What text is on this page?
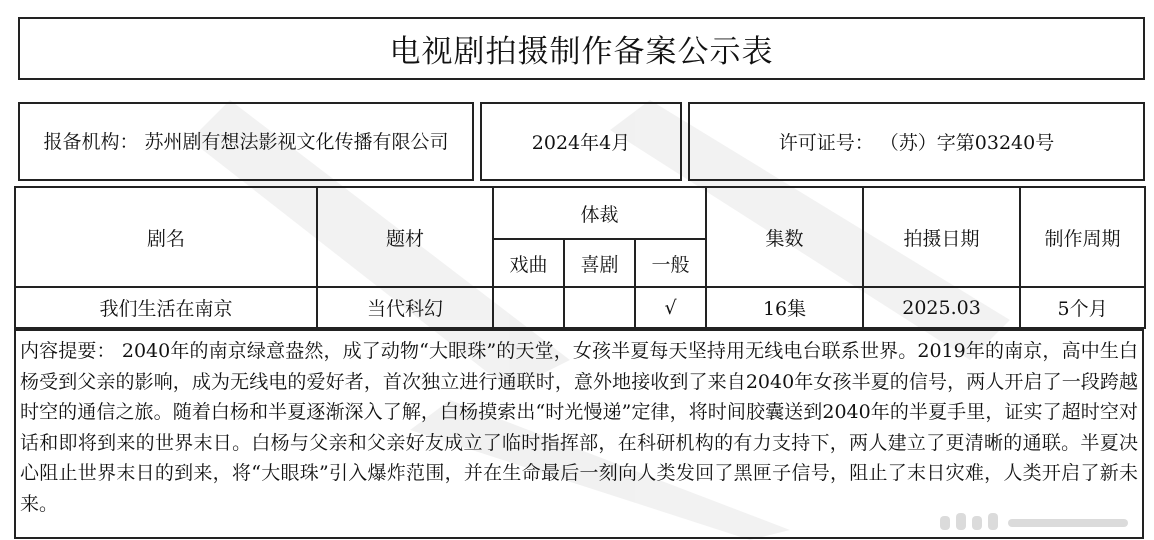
电视剧拍摄制作备案公示表
报备机构： 苏州剧有想法影视文化传播有限公司	2024年4月	许可证号： （苏）字第03240号
剧名	题材	体裁			集数	拍摄日期	制作周期
		戏曲	喜剧	一般			
我们生活在南京	当代科幻			√	16集	2025.03	5个月
内容提要： 2040年的南京绿意盎然，成了动物“大眼珠”的天堂，女孩半夏每天坚持用无线电台联系世界。2019年的南京，高中生白杨受到父亲的影响，成为无线电的爱好者，首次独立进行通联时，意外地接收到了来自2040年女孩半夏的信号，两人开启了一段跨越时空的通信之旅。随着白杨和半夏逐渐深入了解，白杨摸索出“时光慢递”定律，将时间胶囊送到2040年的半夏手里，证实了超时空对话和即将到来的世界末日。白杨与父亲和父亲好友成立了临时指挥部，在科研机构的有力支持下，两人建立了更清晰的通联。半夏决心阻止世界末日的到来，将“大眼珠”引入爆炸范围，并在生命最后一刻向人类发回了黑匣子信号，阻止了末日灾难，人类开启了新未来。
